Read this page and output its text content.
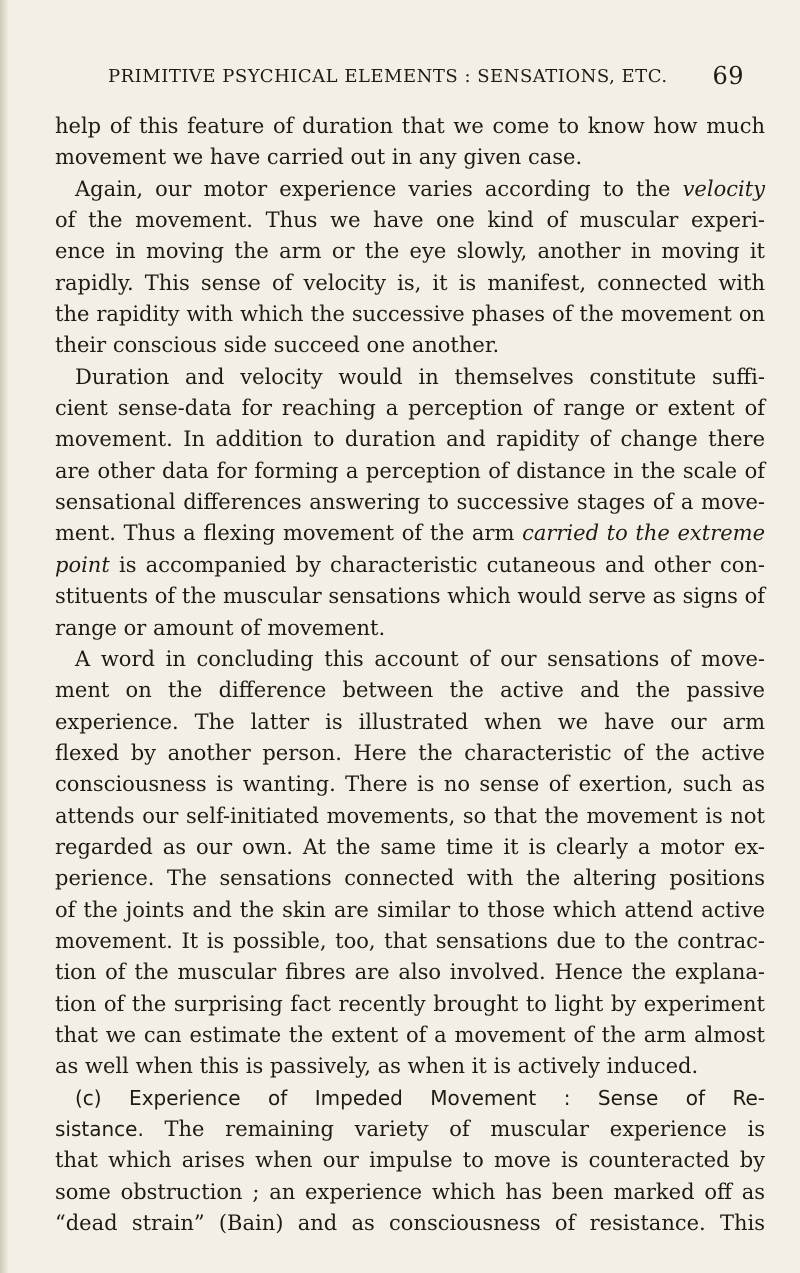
PRIMITIVE PSYCHICAL ELEMENTS : SENSATIONS, ETC. 69
help of this feature of duration that we come to know how much
movement we have carried out in any given case.
Again, our motor experience varies according to the velocity
of the movement. Thus we have one kind of muscular experi-
ence in moving the arm or the eye slowly, another in moving it
rapidly. This sense of velocity is, it is manifest, connected with
the rapidity with which the successive phases of the movement on
their conscious side succeed one another.
Duration and velocity would in themselves constitute suffi-
cient sense-data for reaching a perception of range or extent of
movement. In addition to duration and rapidity of change there
are other data for forming a perception of distance in the scale of
sensational differences answering to successive stages of a move-
ment. Thus a flexing movement of the arm carried to the extreme
point is accompanied by characteristic cutaneous and other con-
stituents of the muscular sensations which would serve as signs of
range or amount of movement.
A word in concluding this account of our sensations of move-
ment on the difference between the active and the passive
experience. The latter is illustrated when we have our arm
flexed by another person. Here the characteristic of the active
consciousness is wanting. There is no sense of exertion, such as
attends our self-initiated movements, so that the movement is not
regarded as our own. At the same time it is clearly a motor ex-
perience. The sensations connected with the altering positions
of the joints and the skin are similar to those which attend active
movement. It is possible, too, that sensations due to the contrac-
tion of the muscular fibres are also involved. Hence the explana-
tion of the surprising fact recently brought to light by experiment
that we can estimate the extent of a movement of the arm almost
as well when this is passively, as when it is actively induced.
(c) Experience of Impeded Movement : Sense of Re-
sistance. The remaining variety of muscular experience is
that which arises when our impulse to move is counteracted by
some obstruction ; an experience which has been marked off as
“dead strain” (Bain) and as consciousness of resistance. This
